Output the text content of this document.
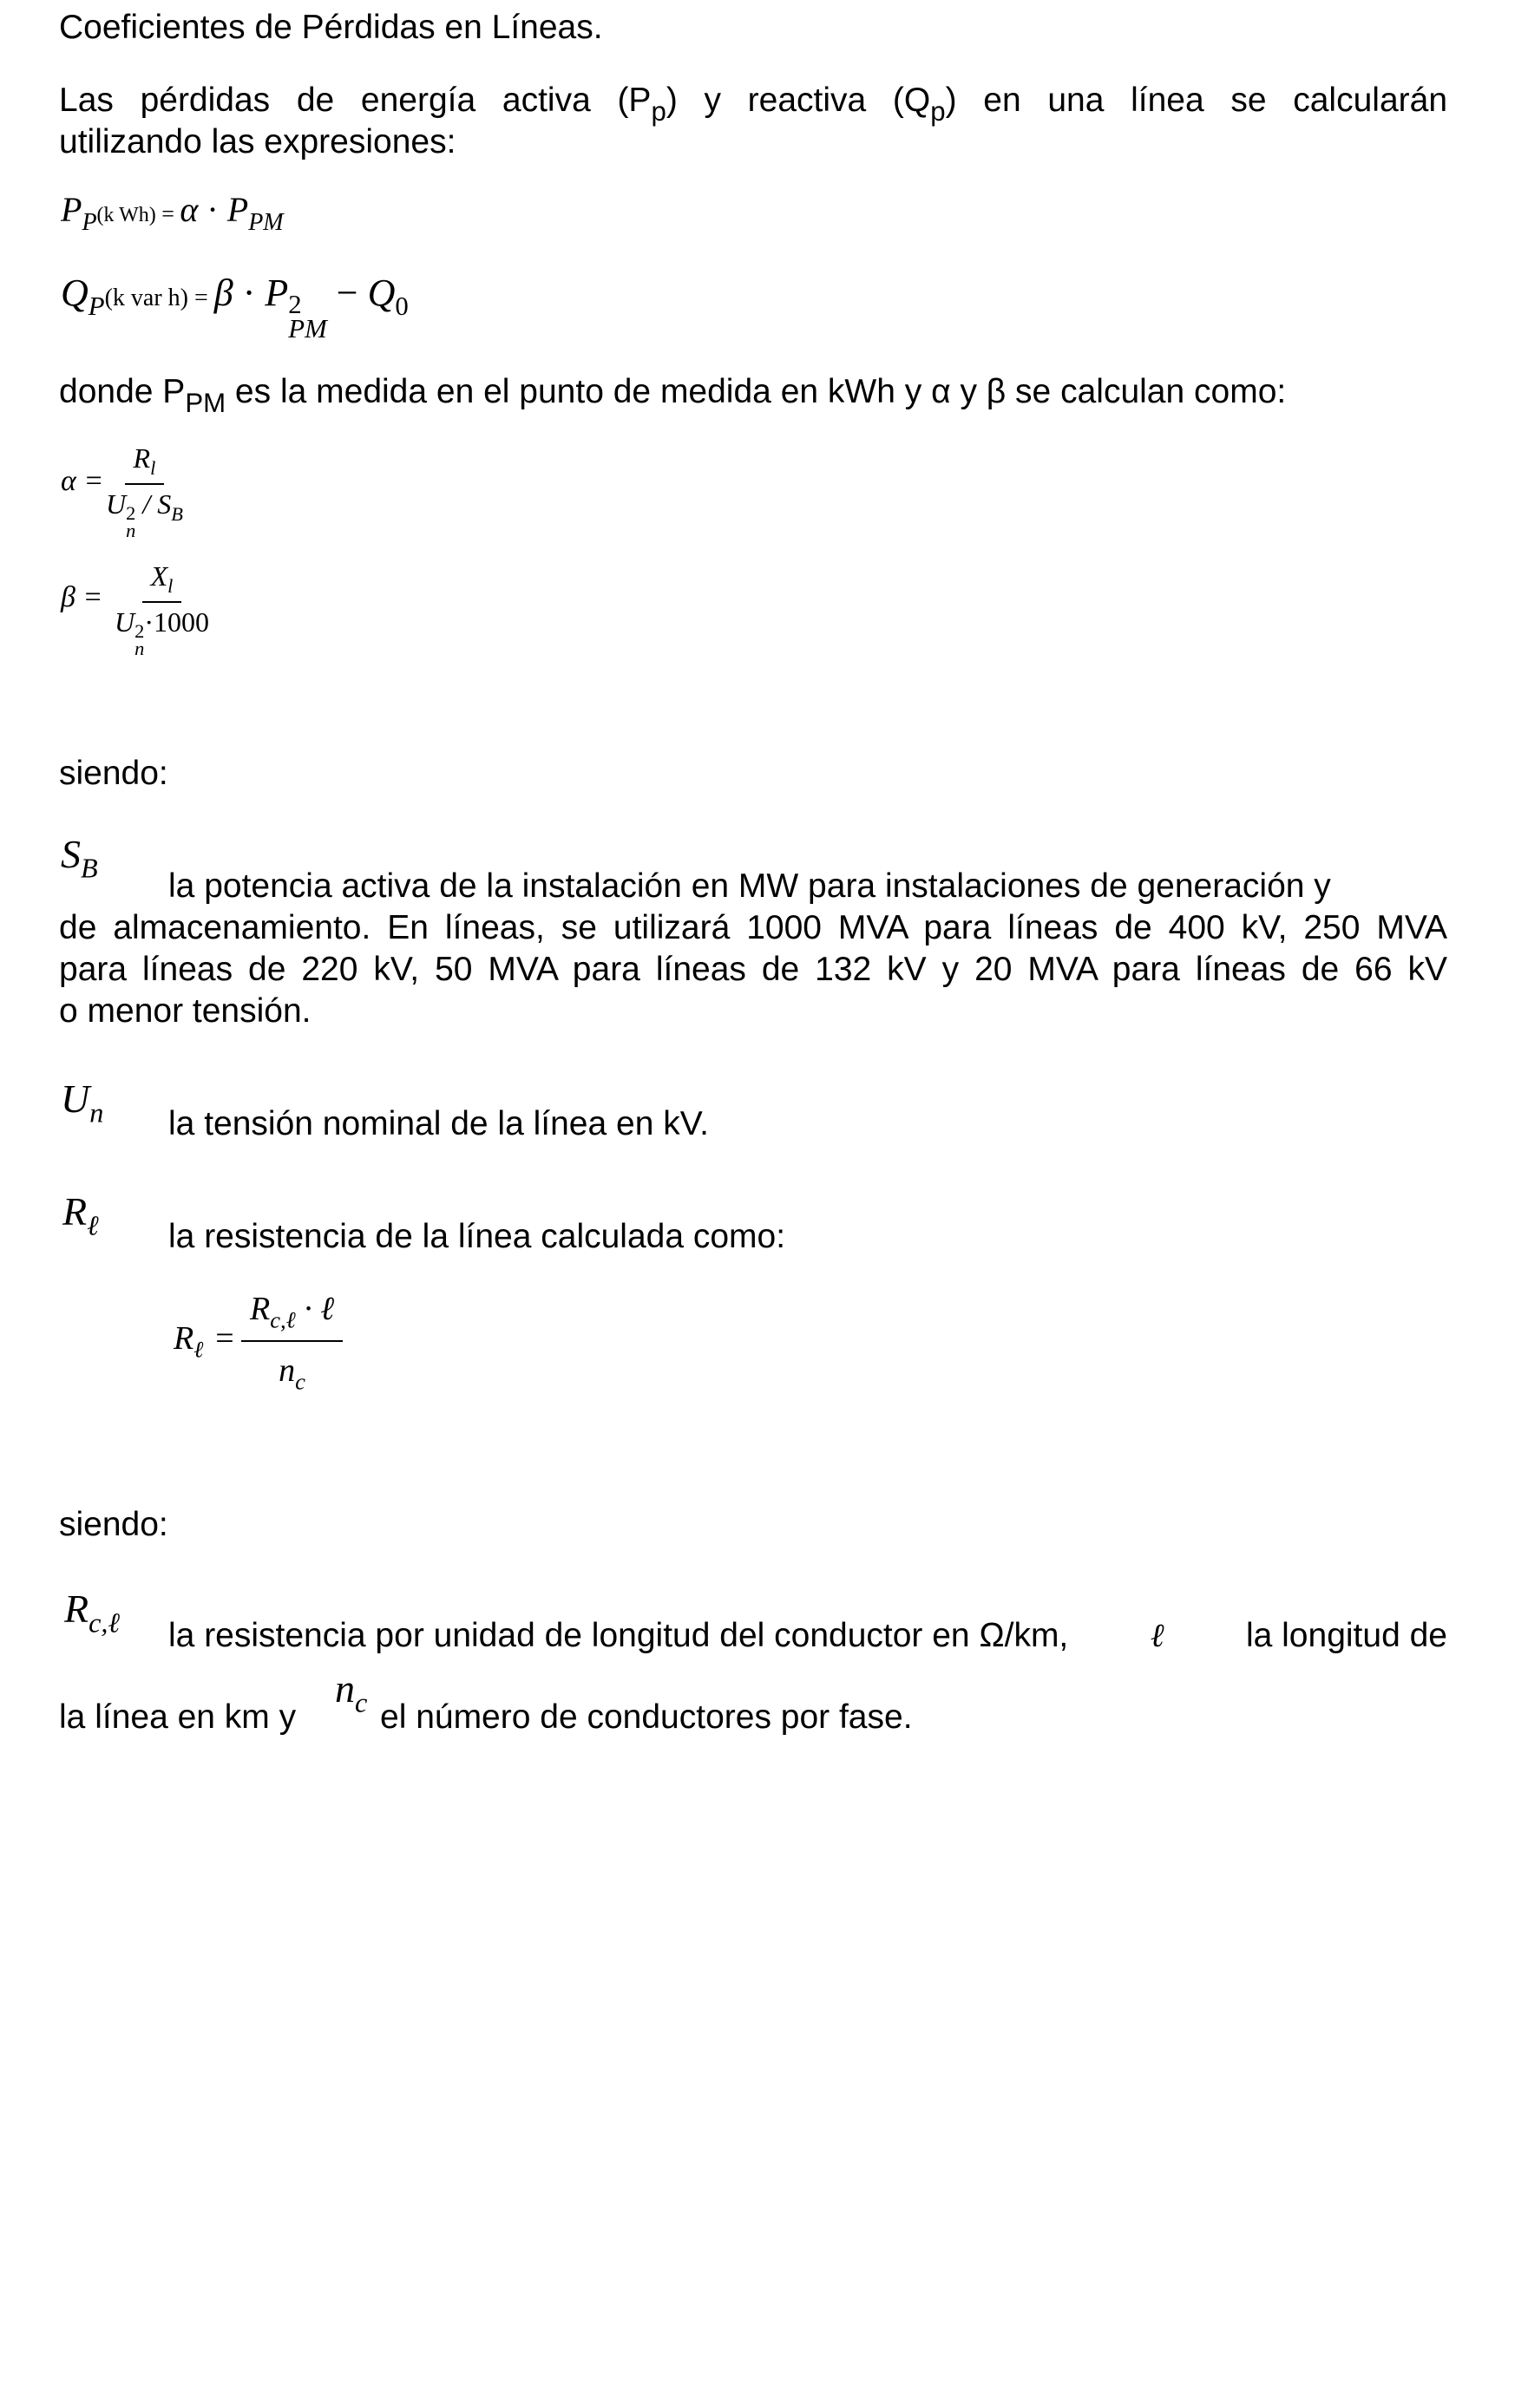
Coeficientes de Pérdidas en Líneas.
Las pérdidas de energía activa $(P_p)$ y reactiva $(Q_p)$ en una línea se calcularán
utilizando las expresiones:
$P_P(k$ $Wh) = \alpha \cdot P_{PM}$
$Q_P(k$ var h) = β · P 2
PM
− $Q_0$
donde $P_{PM}$ es la medida en el punto de medida en kWh y α y β se calculan como:
α =
$R_l$
U 2
n
/ $S_B$
$\beta = X_l$
U 2
n
·1000
siendo:
$S_B$ la potencia activa de la instalación en MW para instalaciones de generación y
de almacenamiento. En líneas, se utilizará 1000 MVA para líneas de 400 kV, 250 MVA
para líneas de 220 kV, 50 MVA para líneas de 132 kV y 20 MVA para líneas de 66 kV
o menor tensión.
$U_n$ la tensión nominal de la línea en kV.
$R_\ell$ la resistencia de la línea calculada como:
$R_\ell$ =
$R_{c,\ell}$ · ℓ
$n_c$
siendo:
$R_{c,\ell}$ la resistencia por unidad de longitud del conductor en Ω/km, ℓ la longitud de
la línea en km y
$n_c$ el número de conductores por fase.
